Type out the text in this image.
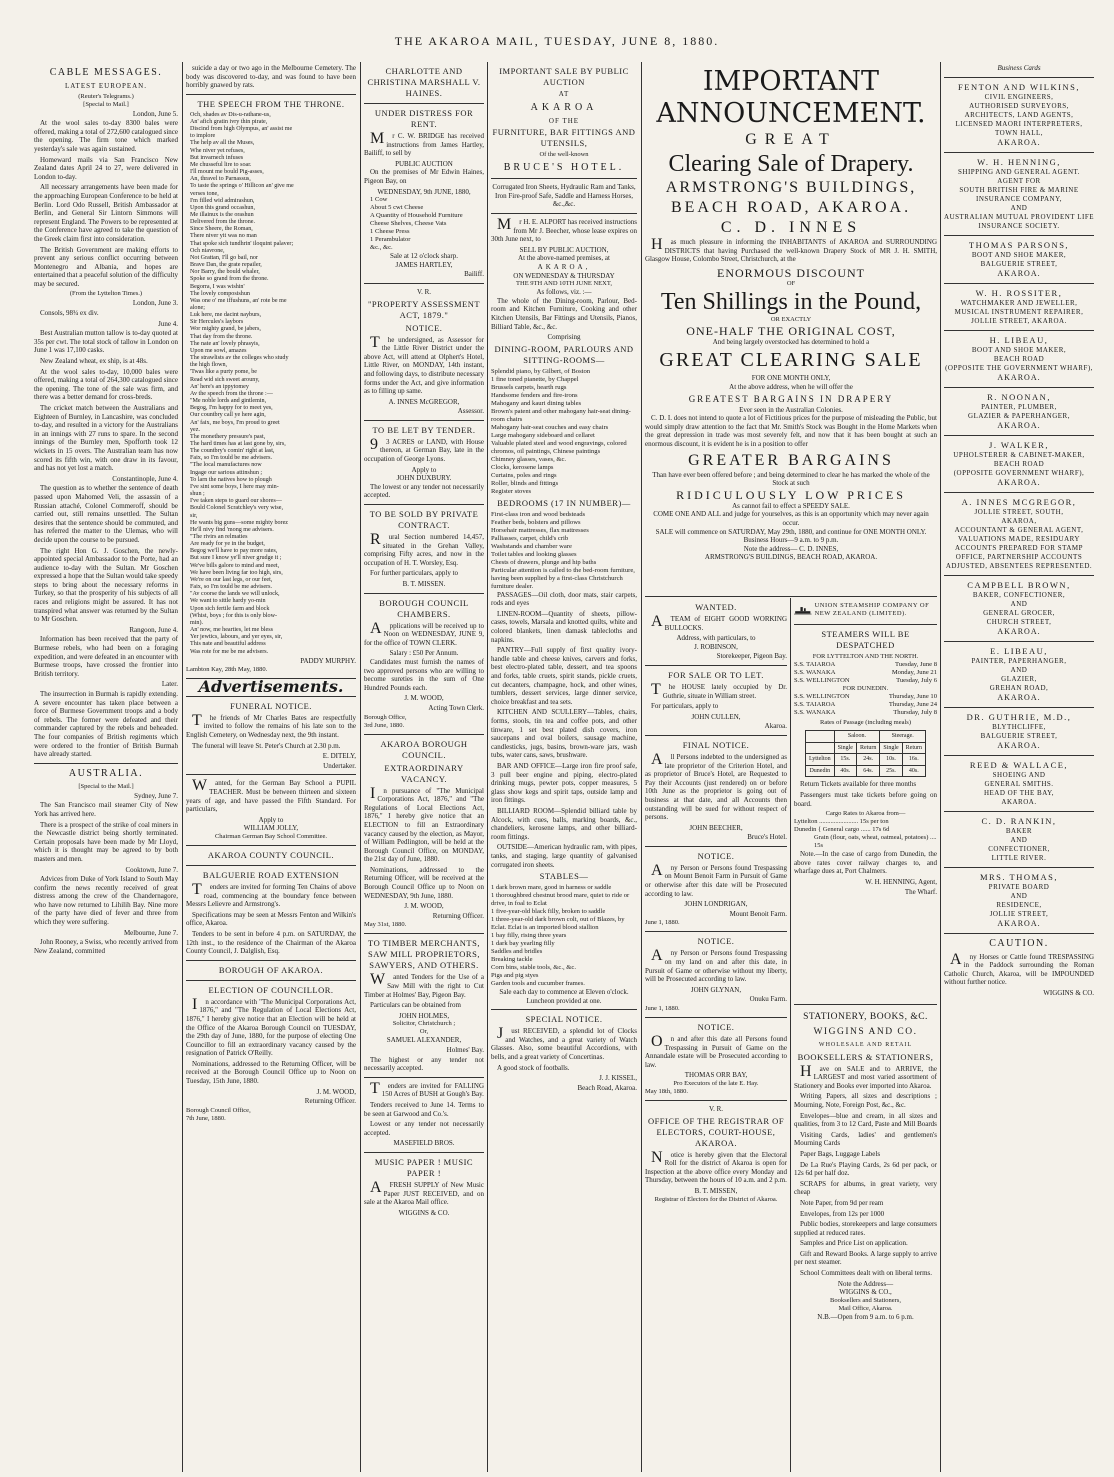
THE AKAROA MAIL, TUESDAY, JUNE 8, 1880.
CABLE MESSAGES.
LATEST EUROPEAN.
(Reuter's Telegrams.)
[Special to Mail.]
London, June 5.

At the wool sales to-day 8300 bales were offered, making a total of 272,600 catalogued since the opening. The firm tone which marked yesterday's sale was again sustained.

Homeward mails via San Francisco New Zealand dates April 24 to 27, were delivered in London to-day.

All necessary arrangements have been made for the approaching European Conference to be held at Berlin. Lord Odo Russell, British Ambassador at Berlin, and General Sir Lintorn Simmons will represent England. The Powers to be represented at the Conference have agreed to take the question of the Greek claim first into consideration.

The British Government are making efforts to prevent any serious conflict occurring between Montenegro and Albania, and hopes are entertained that a peaceful solution of the difficulty may be secured.

(From the Lyttelton Times.)
London, June 3.

Consols, 98¾ ex div.

June 4.

Best Australian mutton tallow is to-day quoted at 35s per cwt. The total stock of tallow in London on June 1 was 17,100 casks.

New Zealand wheat, ex ship, is at 48s.

At the wool sales to-day, 10,000 bales were offered, making a total of 264,300 catalogued since the opening. The tone of the sale was firm, and there was a better demand for cross-breds.

The cricket match between the Australians and Eighteen of Burnley, in Lancashire, was concluded to-day, and resulted in a victory for the Australians in an innings with 27 runs to spare. In the second innings of the Burnley men, Spofforth took 12 wickets in 15 overs. The Australian team has now scored its fifth win, with one draw in its favour, and has not yet lost a match.

Constantinople, June 4.

The question as to whether the sentence of death passed upon Mahomed Veli, the assassin of a Russian attaché, Colonel Commeroff, should be carried out, still remains unsettled. The Sultan desires that the sentence should be commuted, and has referred the matter to the Ulemas, who will decide upon the course to be pursued.

The right Hon G. J. Goschen, the newly-appointed special Ambassador to the Porte, had an audience to-day with the Sultan. Mr Goschen expressed a hope that the Sultan would take speedy steps to bring about the necessary reforms in Turkey, so that the prosperity of his subjects of all races and religions might be assured. It has not transpired what answer was returned by the Sultan to Mr Goschen.

Rangoon, June 4.

Information has been received that the party of Burmese rebels, who had been on a foraging expedition, and were defeated in an encounter with Burmese troops, have crossed the frontier into British territory.

Later.

The insurrection in Burmah is rapidly extending. A severe encounter has taken place between a force of Burmese Government troops and a body of rebels. The former were defeated and their commander captured by the rebels and beheaded. The four companies of British regiments which were ordered to the frontier of British Burmah have already started.

AUSTRALIA.
[Special to the Mail.]
Sydney, June 7.

The San Francisco mail steamer City of New York has arrived here.

There is a prospect of the strike of coal miners in the Newcastle district being shortly terminated. Certain proposals have been made by Mr Lloyd, which it is thought may be agreed to by both masters and men.

Cooktown, June 7.

Advices from Duke of York Island to South May confirm the news recently received of great distress among the crew of the Chandernagore, who have now returned to Lihilih Bay. Nine more of the party have died of fever and three from which they were suffering.

Melbourne, June 7.

John Rooney, a Swiss, who recently arrived from New Zealand, committed

suicide a day or two ago in the Melbourne Cemetery. The body was discovered to-day, and was found to have been horribly gnawed by rats.

THE SPEECH FROM THE THRONE.
Och, shades av Dis-u-rathane-us,
An' afich gratin ivry thin pirate,
Discind from high Olympus, an' assist me
to implore
The help av all the Muses,
Whe niver yet refuses,
But invarnech infuses
Me chusseful lire to soar.
I'll mount me bould Pig-asses,
An, thravel to Parnassus,
To taste the springs o' Hillicon an' give me
verses tone,
I'm filled wid admirashun,
Upon this grand occashun,
Me illainux is the orashun
Delivered from the throne.
Since Sheere, the Roman,
There niver yit was no man
That spoke sich tundhrin' iloquint palaver;
Och niavrone,
Not Grattan, I'll go bail, nor
Brave Dan, the grate repailer,
Nor Barry, the bould whaler,
Spoke so grand from the throne.
Begorra, I was wishin'
The lovely composishun
Was one o' me iffushuns, an' rote be me
alone;
Luk here, me dacint nayburs,
Sir Hercules's laybors
Wor mighty grand, be jabers,
That day from the throne.
The nate an' lovely phrasyis,
Upon me sowl, amazes
The strawlists av the colleges who study
the high flown,
'Twas like a purty pome, be
Read wid sich sweet arouny,
An' here's an ippytomey
Av the speech from the throne :—
"Me noble lords and gintlemin,
Begog, I'm happy for to meet yes,
Our countbry call ye here agin,
An' faix, me boys, I'm proud to greet
yez.
The monethery pressure's past,
The hard times has at last gone by, sirs,
The countbry's comin' right at last,
Faix, so I'm tould be me advisers.
"The local manufactures now
Ingage our sarious attinshun ;
To larn the natives how to plough
I've sint some boys, I here may min-
shun ;
I've taken steps to guard our shores—
Bould Colonel Scratchley's very wise,
sir,
He wants big guns—some mighty borez
He'll nivy find 'mong me advisers.
"The rivirs an relmaties
Are ready for ye in the budget,
Begog we'll have to pay more rates,
But sure I know ye'll niver grudge it ;
We've bills galore to mind and meet,
We have been living far too high, sirs,
We're on our last legs, or our feet,
Faix, so I'm tould be me advisers.
"Av coorse the lands we will unlock,
We want to sittle hardy yo-min
Upon sich fertile farm and block
(Whist, boys ; for this is only blow-
min).
An' now, me hearties, let me bless
Yer jewtics, labours, and yer eyes, sir,
This nate and beautiful address
Was rote for me be me advisers.
PADDY MURPHY.
Lambton Kay, 28th May, 1880.
Advertisements.
FUNERAL NOTICE.

The friends of Mr Charles Bates are respectfully invited to follow the remains of his late son to the English Cemetery, on Wednesday next, the 9th instant.

The funeral will leave St. Peter's Church at 2.30 p.m.

E. DITELY,
Undertaker.

Wanted, for the German Bay School a PUPIL TEACHER. Must be between thirteen and sixteen years of age, and have passed the Fifth Standard. For particulars,

Apply to
WILLIAM JOLLY,
Chairman German Bay School Committee.
AKAROA COUNTY COUNCIL.
BALGUERIE ROAD EXTENSION

Tenders are invited for forming Ten Chains of above road, commencing at the boundary fence between Messrs Lelievre and Armstrong's.

Specifications may be seen at Messrs Fenton and Wilkin's office, Akaroa.

Tenders to be sent in before 4 p.m. on SATURDAY, the 12th inst., to the residence of the Chairman of the Akaroa County Council, J. Dalglish, Esq.

BOROUGH OF AKAROA.
ELECTION OF COUNCILLOR.

In accordance with "The Municipal Corporations Act, 1876," and "The Regulation of Local Elections Act, 1876," I hereby give notice that an Election will be held at the Office of the Akaroa Borough Council on TUESDAY, the 29th day of June, 1880, for the purpose of electing One Councillor to fill an extraordinary vacancy caused by the resignation of Patrick O'Reilly.

Nominations, addressed to the Returning Officer, will be received at the Borough Council Office up to Noon on Tuesday, 15th June, 1880.

J. M. WOOD,
Returning Officer.
Borough Council Office,
7th June, 1880.
CHARLOTTE AND CHRISTINA MARSHALL V. HAINES.
UNDER DISTRESS FOR RENT.

Mr C. W. BRIDGE has received instructions from James Hartley, Bailiff, to sell by

PUBLIC AUCTION

On the premises of Mr Edwin Haines, Pigeon Bay, on

WEDNESDAY, 9th JUNE, 1880,
1 Cow
About 5 cwt Cheese
A Quantity of Household Furniture
Cheese Shelves, Cheese Vats
1 Cheese Press
1 Perambulator
&c., &c.
Sale at 12 o'clock sharp.
JAMES HARTLEY,
Bailiff.
V. R.
"PROPERTY ASSESSMENT ACT, 1879."
NOTICE.

The undersigned, as Assessor for the Little River District under the above Act, will attend at Olphert's Hotel, Little River, on MONDAY, 14th instant, and following days, to distribute necessary forms under the Act, and give information as to filling up same.

A. INNES McGREGOR,
Assessor.
TO BE LET BY TENDER.

93 ACRES or LAND, with House thereon, at German Bay, late in the occupation of George Lyons.

Apply to
JOHN DUXBURY.

The lowest or any tender not necessarily accepted.

TO BE SOLD BY PRIVATE CONTRACT.

Rural Section numbered 14,457, situated in the Grehan Valley, comprising Fifty acres, and now in the occupation of H. T. Worsley, Esq.

For further particulars, apply to

B. T. MISSEN.
BOROUGH COUNCIL CHAMBERS.

Applications will be received up to Noon on WEDNESDAY, JUNE 9, for the office of TOWN CLERK.

Salary : £50 Per Annum.

Candidates must furnish the names of two approved persons who are willing to become sureties in the sum of One Hundred Pounds each.

J. M. WOOD,
Acting Town Clerk.
Borough Office,
3rd June, 1880.
AKAROA BOROUGH COUNCIL.
EXTRAORDINARY VACANCY.

In pursuance of "The Municipal Corporations Act, 1876," and "The Regulations of Local Elections Act, 1876," I hereby give notice that an ELECTION to fill an Extraordinary vacancy caused by the election, as Mayor, of William Pedlington, will be held at the Borough Council Office, on MONDAY, the 21st day of June, 1880.

Nominations, addressed to the Returning Officer, will be received at the Borough Council Office up to Noon on WEDNESDAY, 9th June, 1880.

J. M. WOOD,
Returning Officer.
May 31st, 1880.
TO TIMBER MERCHANTS, SAW MILL PROPRIETORS, SAWYERS, AND OTHERS.

Wanted Tenders for the Use of a Saw Mill with the right to Cut Timber at Holmes' Bay, Pigeon Bay.

Particulars can be obtained from

JOHN HOLMES,
Solicitor, Christchurch ;
Or,
SAMUEL ALEXANDER,
Holmes' Bay.

The highest or any tender not necessarily accepted.

Tenders are invited for FALLING 150 Acres of BUSH at Gough's Bay.

Tenders received to June 14. Terms to be seen at Garwood and Co.'s.

Lowest or any tender not necessarily accepted.

MASEFIELD BROS.
MUSIC PAPER ! MUSIC PAPER !

AFRESH SUPPLY of New Music Paper JUST RECEIVED, and on sale at the Akaroa Mail office.

WIGGINS & CO.
IMPORTANT SALE BY PUBLIC AUCTION
AT
AKAROA
OF THE
FURNITURE, BAR FITTINGS AND UTENSILS,
Of the well-known
BRUCE'S HOTEL.
Corrugated Iron Sheets, Hydraulic Ram and Tanks, Iron Fire-proof Safe, Saddle and Harness Horses, &c.,&c.

Mr H. E. ALPORT has received instructions from Mr J. Beecher, whose lease expires on 30th June next, to

SELL BY PUBLIC AUCTION,
At the above-named premises, at
AKAROA,
ON WEDNESDAY & THURSDAY
THE 9TH AND 10TH JUNE NEXT,
As follows, viz. :—

The whole of the Dining-room, Parlour, Bed-room and Kitchen Furniture, Cooking and other Kitchen Utensils, Bar Fittings and Utensils, Pianos, Billiard Table, &c., &c.

Comprising
DINING-ROOM, PARLOURS AND SITTING-ROOMS—
Splendid piano, by Gilbert, of Boston
1 fine toned pianette, by Chappel
Brussels carpets, hearth rugs
Handsome fenders and fire-irons
Mahogany and kauri dining tables
Brown's patent and other mahogany hair-seat dining-room chairs
Mahogany hair-seat couches and easy chairs
Large mahogany sideboard and cellaret
Valuable plated steel and wood engravings, colored chromos, oil paintings, Chinese paintings
Chimney glasses, vases, &c.
Clocks, kerosene lamps
Curtains, poles and rings
Roller, blinds and fittings
Register stoves
BEDROOMS (17 IN NUMBER)—
First-class iron and wood bedsteads
Feather beds, bolsters and pillows
Horsehair mattresses, flax mattresses
Palliasses, carpet, child's crib
Washstands and chamber ware
Toilet tables and looking glasses
Chests of drawers, plunge and hip baths
Particular attention is called to the bed-room furniture, having been supplied by a first-class Christchurch furniture dealer.

PASSAGES—Oil cloth, door mats, stair carpets, rods and eyes

LINEN-ROOM—Quantity of sheets, pillow-cases, towels, Marsala and knotted quilts, white and colored blankets, linen damask tablecloths and napkins.

PANTRY—Full supply of first quality ivory-handle table and cheese knives, carvers and forks, best electro-plated table, dessert, and tea spoons and forks, table cruets, spirit stands, pickle cruets, cut decanters, champagne, hock, and other wines, tumblers, dessert services, large dinner service, choice breakfast and tea sets.

KITCHEN AND SCULLERY—Tables, chairs, forms, stools, tin tea and coffee pots, and other tinware, 1 set best plated dish covers, iron saucepans and oval boilers, sausage machine, candlesticks, jugs, basins, brown-ware jars, wash tubs, water cans, saws, brushware.

BAR AND OFFICE—Large iron fire proof safe, 3 pull beer engine and piping, electro-plated drinking mugs, pewter pots, copper measures, 5 glass show kegs and spirit taps, outside lamp and iron fittings.

BILLIARD ROOM—Splendid billiard table by Alcock, with cues, balls, marking boards, &c., chandeliers, kerosene lamps, and other billiard-room fittings.

OUTSIDE—American hydraulic ram, with pipes, tanks, and staging, large quantity of galvanised corrugated iron sheets.

STABLES—
1 dark brown mare, good in harness or saddle
1 thoroughbred chestnut brood mare, quiet to ride or drive, in foal to Eclat
1 five-year-old black filly, broken to saddle
1 three-year-old dark brown colt, out of Blazes, by Eclat. Eclat is an imported blood stallion
1 bay filly, rising three years
1 dark bay yearling filly
Saddles and bridles
Breaking tackle
Corn bins, stable tools, &c., &c.
Pigs and pig styes
Garden tools and cucumber frames.
Sale each day to commence at Eleven o'clock.
Luncheon provided at one.
SPECIAL NOTICE.

Just RECEIVED, a splendid lot of Clocks and Watches, and a great variety of Watch Glasses. Also, some beautiful Accordions, with bells, and a great variety of Concertinas.

A good stock of footballs.

J. J. KISSEL,
Beach Road, Akaroa.
IMPORTANT ANNOUNCEMENT.
GREAT
Clearing Sale of Drapery.
ARMSTRONG'S BUILDINGS,
BEACH ROAD, AKAROA.
C. D. INNES

Has much pleasure in informing the INHABITANTS of AKAROA and SURROUNDING DISTRICTS that having Purchased the well-known Drapery Stock of MR J. H. SMITH, Glasgow House, Colombo Street, Christchurch, at the

ENORMOUS DISCOUNT
OF
Ten Shillings in the Pound,
OR EXACTLY
ONE-HALF THE ORIGINAL COST,
And being largely overstocked has determined to hold a
GREAT CLEARING SALE
FOR ONE MONTH ONLY,
At the above address, when he will offer the
GREATEST BARGAINS IN DRAPERY
Ever seen in the Australian Colonies.

C. D. I. does not intend to quote a lot of Fictitious prices for the purpose of misleading the Public, but would simply draw attention to the fact that Mr. Smith's Stock was Bought in the Home Markets when the great depression in trade was most severely felt, and now that it has been bought at such an enormous discount, it is evident he is in a position to offer

GREATER BARGAINS
Than have ever been offered before ; and being determined to clear he has marked the whole of the Stock at such
RIDICULOUSLY LOW PRICES
As cannot fail to effect a SPEEDY SALE.
COME ONE AND ALL and judge for yourselves, as this is an opportunity which may never again occur.
SALE will commence on SATURDAY, May 29th, 1880, and continue for ONE MONTH ONLY.
Business Hours—9 a.m. to 9 p.m.
Note the address— C. D. INNES,
ARMSTRONG'S BUILDINGS, BEACH ROAD, AKAROA.
WANTED.

ATEAM of EIGHT GOOD WORKING BULLOCKS.

Address, with particulars, to
J. ROBINSON,
Storekeeper, Pigeon Bay.
FOR SALE OR TO LET.

The HOUSE lately occupied by Dr. Guthrie, situate in William street.

For particulars, apply to

JOHN CULLEN,
Akaroa.
FINAL NOTICE.

All Persons indebted to the undersigned as late proprietor of the Criterion Hotel, and as proprietor of Bruce's Hotel, are Requested to Pay their Accounts (just rendered) on or before 10th June as the proprietor is going out of business at that date, and all Accounts then outstanding will be sued for without respect of persons.

JOHN BEECHER,
Bruce's Hotel.
NOTICE.

Any Person or Persons found Trespassing on Mount Benoit Farm in Pursuit of Game or otherwise after this date will be Prosecuted according to law.

JOHN LONDRIGAN,
Mount Benoit Farm.
June 1, 1880.
NOTICE.

Any Person or Persons found Trespassing on my land on and after this date, in Pursuit of Game or otherwise without my liberty, will be Prosecuted according to law.

JOHN GLYNAN,
Onuku Farm.
June 1, 1880.
NOTICE.

On and after this date all Persons found Trespassing in Pursuit of Game on the Annandale estate will be Prosecuted according to law.

THOMAS ORR BAY,
Pro Executors of the late E. Hay.
May 18th, 1880.
V. R.
OFFICE OF THE REGISTRAR OF ELECTORS, COURT-HOUSE, AKAROA.

Notice is hereby given that the Electoral Roll for the district of Akaroa is open for Inspection at the above office every Monday and Thursday, between the hours of 10 a.m. and 2 p.m.

B. T. MISSEN,
Registrar of Electors for the District of Akaroa.
UNION STEAMSHIP COMPANY OF NEW ZEALAND (LIMITED).
STEAMERS WILL BE DESPATCHED
FOR LYTTELTON AND THE NORTH.
S.S. TAIAROA	Tuesday, June 8
S.S. WANAKA	Monday, June 21
S.S. WELLINGTON	Tuesday, July 6
FOR DUNEDIN.
S.S. WELLINGTON	Thursday, June 10
S.S. TAIAROA	Thursday, June 24
S.S. WANAKA	Thursday, July 8
Rates of Passage (including meals)
	Saloon.		Steerage.	
	Single	Return	Single	Return
Lyttelton	15s.	24s.	10s.	16s.
Dunedin	40s.	64s.	25s.	40s.

Return Tickets available for three months

Passengers must take tickets before going on board.

Cargo Rates to Akaroa from—
Lyttelton ........................ 15s per ton
Dunedin { General cargo ...... 17s 6d
Grain (flour, oats, wheat, oatmeal, potatoes) .... 15s

Note.—In the case of cargo from Dunedin, the above rates cover railway charges to, and wharfage dues at, Port Chalmers.

W. H. HENNING, Agent,
The Wharf.
STATIONERY, BOOKS, &C.
WIGGINS AND CO.
WHOLESALE AND RETAIL
BOOKSELLERS & STATIONERS,

Have on SALE and to ARRIVE, the LARGEST and most varied assortment of Stationery and Books ever imported into Akaroa.

Writing Papers, all sizes and descriptions ; Mourning, Note, Foreign Post, &c., &c.

Envelopes—blue and cream, in all sizes and qualities, from 3 to 12 Card, Paste and Mill Boards

Visiting Cards, ladies' and gentlemen's Mourning Cards

Paper Bags, Luggage Labels

De La Rue's Playing Cards, 2s 6d per pack, or 12s 6d per half doz.

SCRAPS for albums, in great variety, very cheap

Note Paper, from 9d per ream

Envelopes, from 12s per 1000

Public bodies, storekeepers and large consumers supplied at reduced rates.

Samples and Price List on application.

Gift and Reward Books. A large supply to arrive per next steamer.

School Committees dealt with on liberal terms.

Note the Address—
WIGGINS & CO.,
Booksellers and Stationers,
Mail Office, Akaroa.
N.B.—Open from 9 a.m. to 6 p.m.
Business Cards
FENTON AND WILKINS,
CIVIL ENGINEERS,
AUTHORISED SURVEYORS,
ARCHITECTS, LAND AGENTS,
LICENSED MAORI INTERPRETERS,
TOWN HALL,
AKAROA.
W. H. HENNING,
SHIPPING AND GENERAL AGENT.
AGENT FOR
SOUTH BRITISH FIRE & MARINE INSURANCE COMPANY,
AND
AUSTRALIAN MUTUAL PROVIDENT LIFE INSURANCE SOCIETY.
THOMAS PARSONS,
BOOT AND SHOE MAKER,
BALGUERIE STREET,
AKAROA.
W. H. ROSSITER,
WATCHMAKER AND JEWELLER,
MUSICAL INSTRUMENT REPAIRER,
JOLLIE STREET, AKAROA.
H. LIBEAU,
BOOT AND SHOE MAKER,
BEACH ROAD
(OPPOSITE THE GOVERNMENT WHARF),
AKAROA.
R. NOONAN,
PAINTER, PLUMBER,
GLAZIER & PAPERHANGER,
AKAROA.
J. WALKER,
UPHOLSTERER & CABINET-MAKER,
BEACH ROAD
(OPPOSITE GOVERNMENT WHARF),
AKAROA.
A. INNES MCGREGOR,
JOLLIE STREET, SOUTH,
AKAROA,
ACCOUNTANT & GENERAL AGENT,
VALUATIONS MADE, RESIDUARY ACCOUNTS PREPARED FOR STAMP OFFICE, PARTNERSHIP ACCOUNTS ADJUSTED, ABSENTEES REPRESENTED.
CAMPBELL BROWN,
BAKER, CONFECTIONER,
AND
GENERAL GROCER,
CHURCH STREET,
AKAROA.
E. LIBEAU,
PAINTER, PAPERHANGER,
AND
GLAZIER,
GREHAN ROAD,
AKAROA.
DR. GUTHRIE, M.D.,
BLYTHCLIFFE,
BALGUERIE STREET,
AKAROA.
REED & WALLACE,
SHOEING AND
GENERAL SMITHS.
HEAD OF THE BAY,
AKAROA.
C. D. RANKIN,
BAKER
AND
CONFECTIONER,
LITTLE RIVER.
MRS. THOMAS,
PRIVATE BOARD
AND
RESIDENCE,
JOLLIE STREET,
AKAROA.
CAUTION.

Any Horses or Cattle found TRESPASSING in the Paddock surrounding the Roman Catholic Church, Akaroa, will be IMPOUNDED without further notice.

WIGGINS & CO.
